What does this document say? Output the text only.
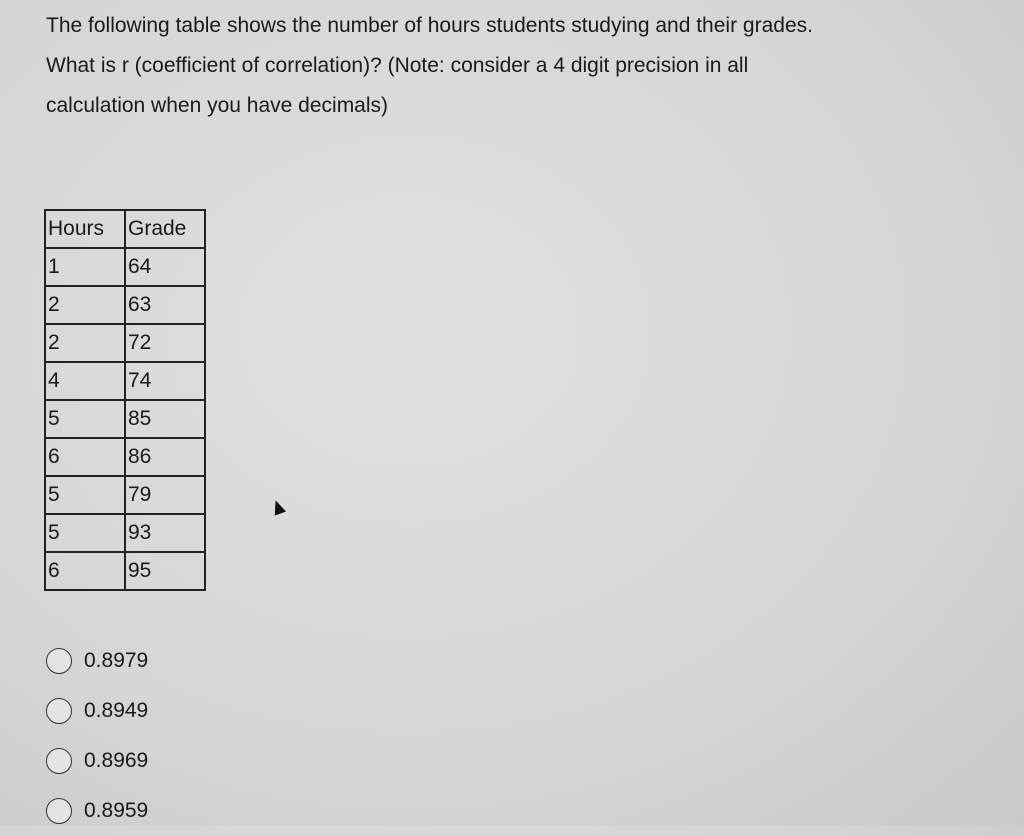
The following table shows the number of hours students studying and their grades.
What is r (coefficient of correlation)? (Note: consider a 4 digit precision in all
calculation when you have decimals)
Hours	Grade
1	64
2	63
2	72
4	74
5	85
6	86
5	79
5	93
6	95
0.8979
0.8949
0.8969
0.8959
